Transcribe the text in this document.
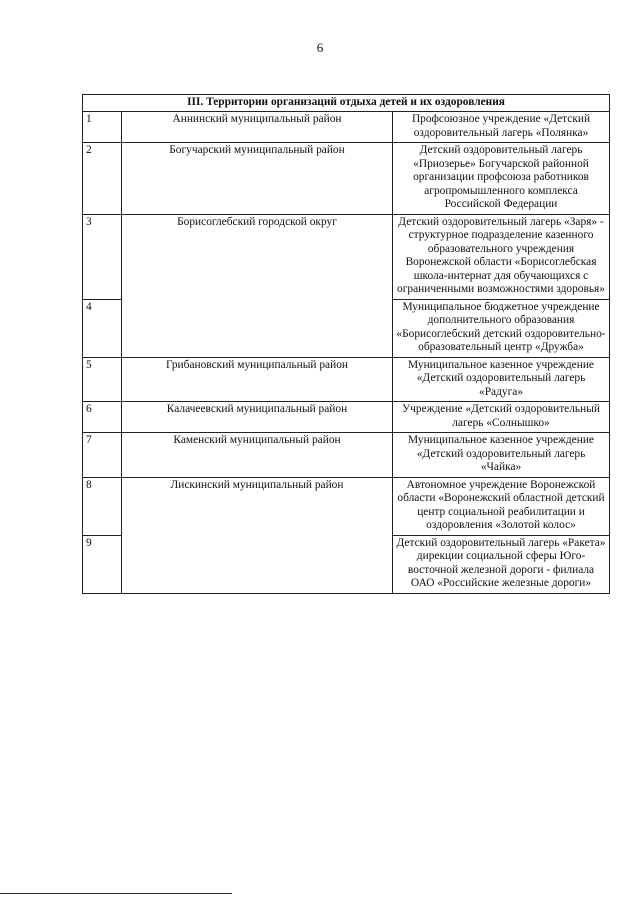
6
III. Территории организаций отдыха детей и их оздоровления		
1	Аннинский муниципальный район	Профсоюзное учреждение «Детский оздоровительный лагерь «Полянка»
2	Богучарский муниципальный район	Детский оздоровительный лагерь «Приозерье» Богучарской районной организации профсоюза работников агропромышленного комплекса Российской Федерации
3	Борисоглебский городской округ	Детский оздоровительный лагерь «Заря» - структурное подразделение казенного образовательного учреждения Воронежской области «Борисоглебская школа-интернат для обучающихся с ограниченными возможностями здоровья»
4		Муниципальное бюджетное учреждение дополнительного образования «Борисоглебский детский оздоровительно-образовательный центр «Дружба»
5	Грибановский муниципальный район	Муниципальное казенное учреждение «Детский оздоровительный лагерь «Радуга»
6	Калачеевский муниципальный район	Учреждение «Детский оздоровительный лагерь «Солнышко»
7	Каменский муниципальный район	Муниципальное казенное учреждение «Детский оздоровительный лагерь «Чайка»
8	Лискинский муниципальный район	Автономное учреждение Воронежской области «Воронежский областной детский центр социальной реабилитации и оздоровления «Золотой колос»
9		Детский оздоровительный лагерь «Ракета» дирекции социальной сферы Юго-восточной железной дороги - филиала ОАО «Российские железные дороги»
